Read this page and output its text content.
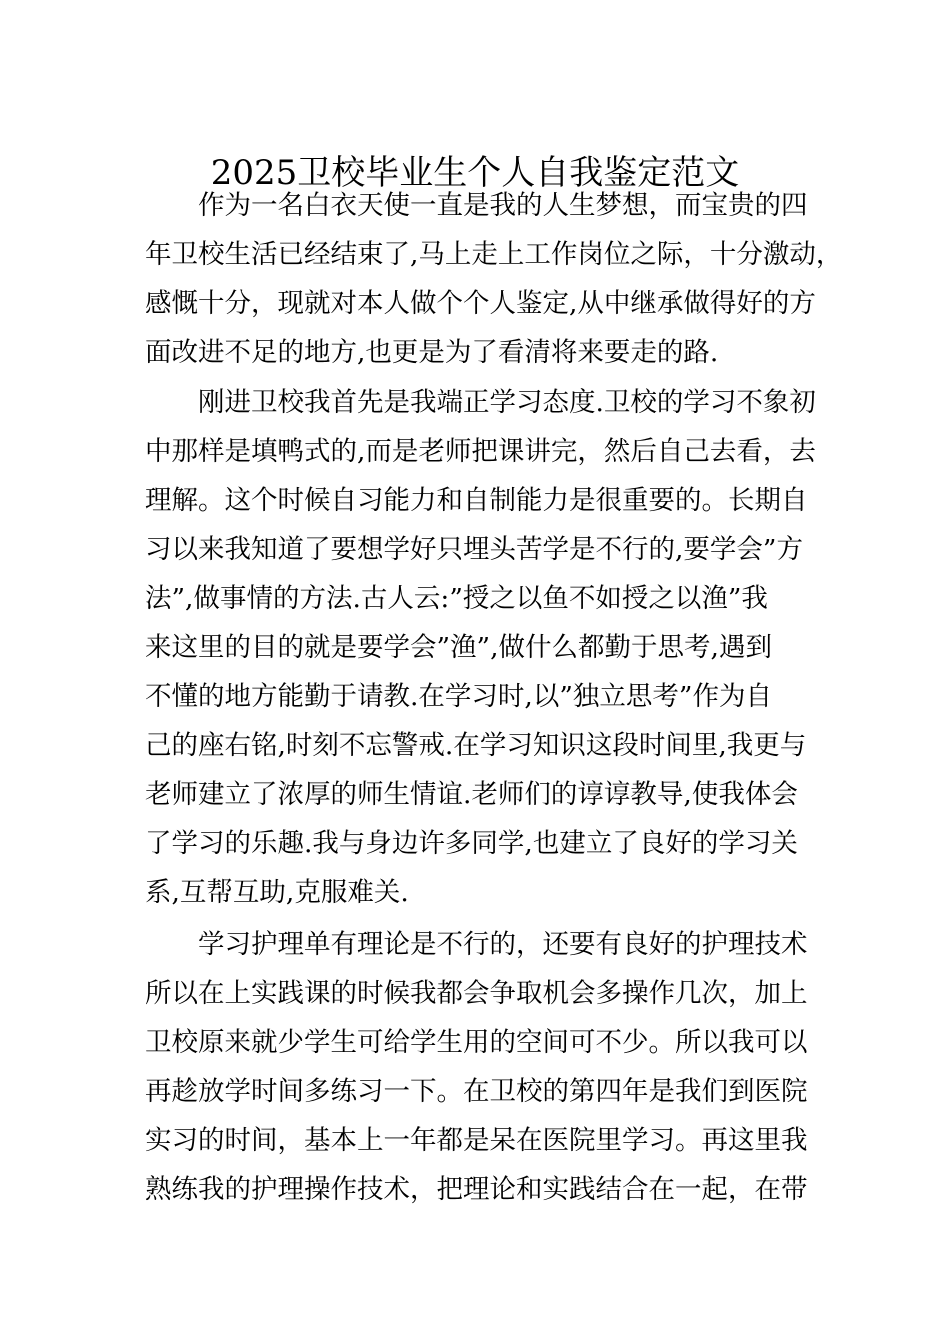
2025卫校毕业生个人自我鉴定范文

作为一名白衣天使一直是我的人生梦想，而宝贵的四
年卫校生活已经结束了,马上走上工作岗位之际，十分激动，
感慨十分，现就对本人做个个人鉴定,从中继承做得好的方
面改进不足的地方,也更是为了看清将来要走的路.

刚进卫校我首先是我端正学习态度.卫校的学习不象初
中那样是填鸭式的,而是老师把课讲完，然后自己去看，去
理解。这个时候自习能力和自制能力是很重要的。长期自
习以来我知道了要想学好只埋头苦学是不行的,要学会”方
法”,做事情的方法.古人云:”授之以鱼不如授之以渔”我
来这里的目的就是要学会”渔”,做什么都勤于思考,遇到
不懂的地方能勤于请教.在学习时,以”独立思考”作为自
己的座右铭,时刻不忘警戒.在学习知识这段时间里,我更与
老师建立了浓厚的师生情谊.老师们的谆谆教导,使我体会
了学习的乐趣.我与身边许多同学,也建立了良好的学习关
系,互帮互助,克服难关.

学习护理单有理论是不行的，还要有良好的护理技术
所以在上实践课的时候我都会争取机会多操作几次，加上
卫校原来就少学生可给学生用的空间可不少。所以我可以
再趁放学时间多练习一下。在卫校的第四年是我们到医院
实习的时间，基本上一年都是呆在医院里学习。再这里我
熟练我的护理操作技术，把理论和实践结合在一起，在带
